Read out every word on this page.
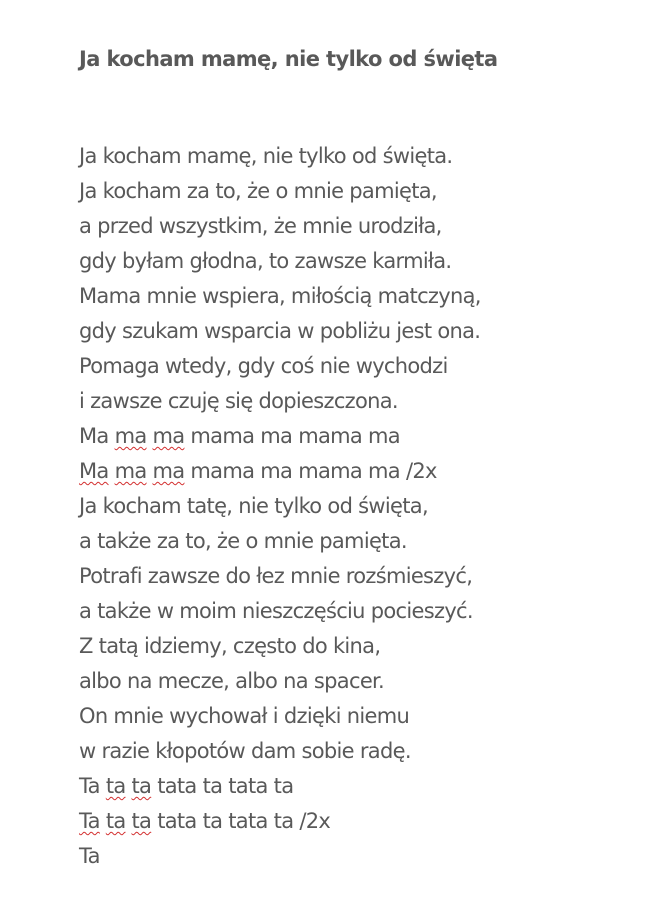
Ja kocham mamę, nie tylko od święta
Ja kocham mamę, nie tylko od święta.
Ja kocham za to, że o mnie pamięta,
a przed wszystkim, że mnie urodziła,
gdy byłam głodna, to zawsze karmiła.
Mama mnie wspiera, miłością matczyną,
gdy szukam wsparcia w pobliżu jest ona.
Pomaga wtedy, gdy coś nie wychodzi
i zawsze czuję się dopieszczona.
Ma ma ma mama ma mama ma
Ma ma ma mama ma mama ma /2x
Ja kocham tatę, nie tylko od święta,
a także za to, że o mnie pamięta.
Potrafi zawsze do łez mnie rozśmieszyć,
a także w moim nieszczęściu pocieszyć.
Z tatą idziemy, często do kina,
albo na mecze, albo na spacer.
On mnie wychował i dzięki niemu
w razie kłopotów dam sobie radę.
Ta ta ta tata ta tata ta
Ta ta ta tata ta tata ta /2x
Ta
